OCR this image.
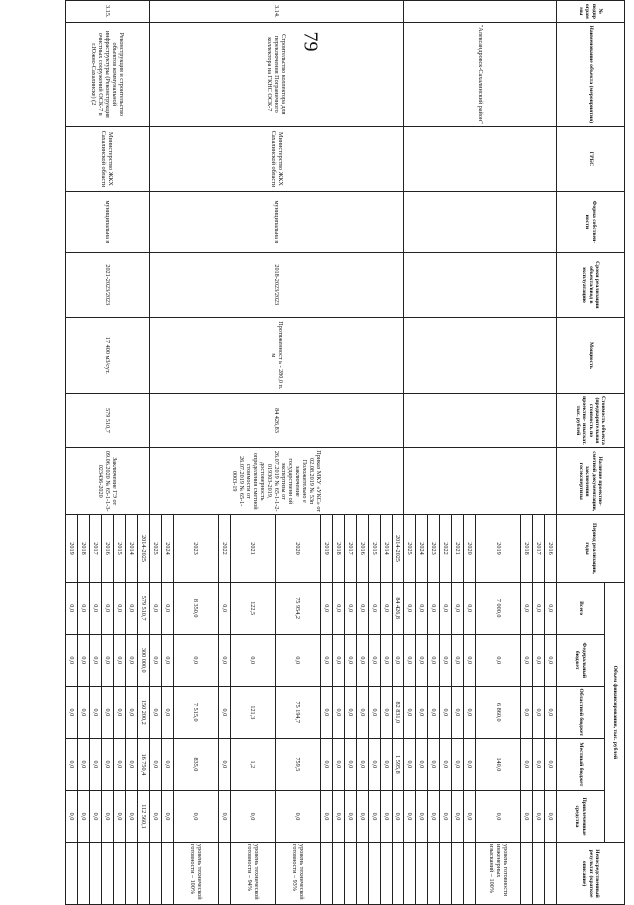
79
№ подпр ограм мы	Наименование объекта (мероприятия)	ГРБС	Форма собствен- ности	Сроки реализации объекта/ввод в эксплуатацию	Мощность	Стоимость объекта (предварительная стоимость по проектно- изыскат. тыс. рублей	Наличие проектно- сметной документации, заключения госэкспертизы	Период реализации, годы	Объем финансирования, тыс. рублей					Непосредственный результат (краткое описание)
									Всего	Федеральный бюджет	Областной бюджет	Местный бюджет	Привлеченные средства	
	"Александровск-Сахалинский район"							2016	0,0	0,0	0,0	0,0	0,0	
								2017	0,0	0,0	0,0	0,0	0,0	
								2018	0,0	0,0	0,0	0,0	0,0	
								2019	7 000,0	0,0	6 860,0	140,0	0,0	уровень готовности инженерных изысканий – 100%
								2020	0,0	0,0	0,0	0,0	0,0	
								2021	0,0	0,0	0,0	0,0	0,0	
								2022	0,0	0,0	0,0	0,0	0,0	
								2023	0,0	0,0	0,0	0,0	0,0	
								2024	0,0	0,0	0,0	0,0	0,0	
								2025	0,0	0,0	0,0	0,0	0,0	
3.14.	Строительство коллектора для переключения Пограничного коллектора на ГКНС ОСК-7	Министерство ЖКХ Сахалинской области	муниципальна я	2018-2023/2023	Протяженност ь - 280,0 п. м	84 426,83	Приказ МКУ «УКС» от 02.08.2019 № 53п Положительно е заключение государственн ой экспертизы от 26.07.2019 № 65-1-1-2-019303-2019, достоверность определения сметной стоимости от 26.07.2019 № 65-1-0003-19	2014-2025	84 426,8	0,0	82 831,0	1 595,8	0,0	
								2014	0,0	0,0	0,0	0,0	0,0	
								2015	0,0	0,0	0,0	0,0	0,0	
								2016	0,0	0,0	0,0	0,0	0,0	
								2017	0,0	0,0	0,0	0,0	0,0	
								2018	0,0	0,0	0,0	0,0	0,0	
								2019	0,0	0,0	0,0	0,0	0,0	
								2020	75 954,2	0,0	75 194,7	759,5	0,0	уровень технической готовности – 93%
								2021	122,5	0,0	121,3	1,2	0,0	уровень технической готовности – 94%
								2022	0,0	0,0	0,0	0,0	0,0	
								2023	8 350,0	0,0	7 515,0	835,0	0,0	уровень технической готовности – 100%
								2024	0,0	0,0	0,0	0,0	0,0	
								2025	0,0	0,0	0,0	0,0	0,0	
3.15.	Реконструкция и строительство объектов коммунальной инфраструктуры (Реконструкция очистных сооружений ОСК-7 в г.Южно-Сахалинске) (2	Министерство ЖКХ Сахалинской области	муниципальна я	2021-2023/2023	17 400 м3/сут.	579 510,7	Заключение ГЭ от 09.06.2020 № 65-1-1-3-023436-2020	2014-2025	579 510,7	300 000,0	150 200,2	16 750,4	112 560,1	
								2014	0,0	0,0	0,0	0,0	0,0	
								2015	0,0	0,0	0,0	0,0	0,0	
								2016	0,0	0,0	0,0	0,0	0,0	
								2017	0,0	0,0	0,0	0,0	0,0	
								2018	0,0	0,0	0,0	0,0	0,0	
								2019	0,0	0,0	0,0	0,0	0,0	
